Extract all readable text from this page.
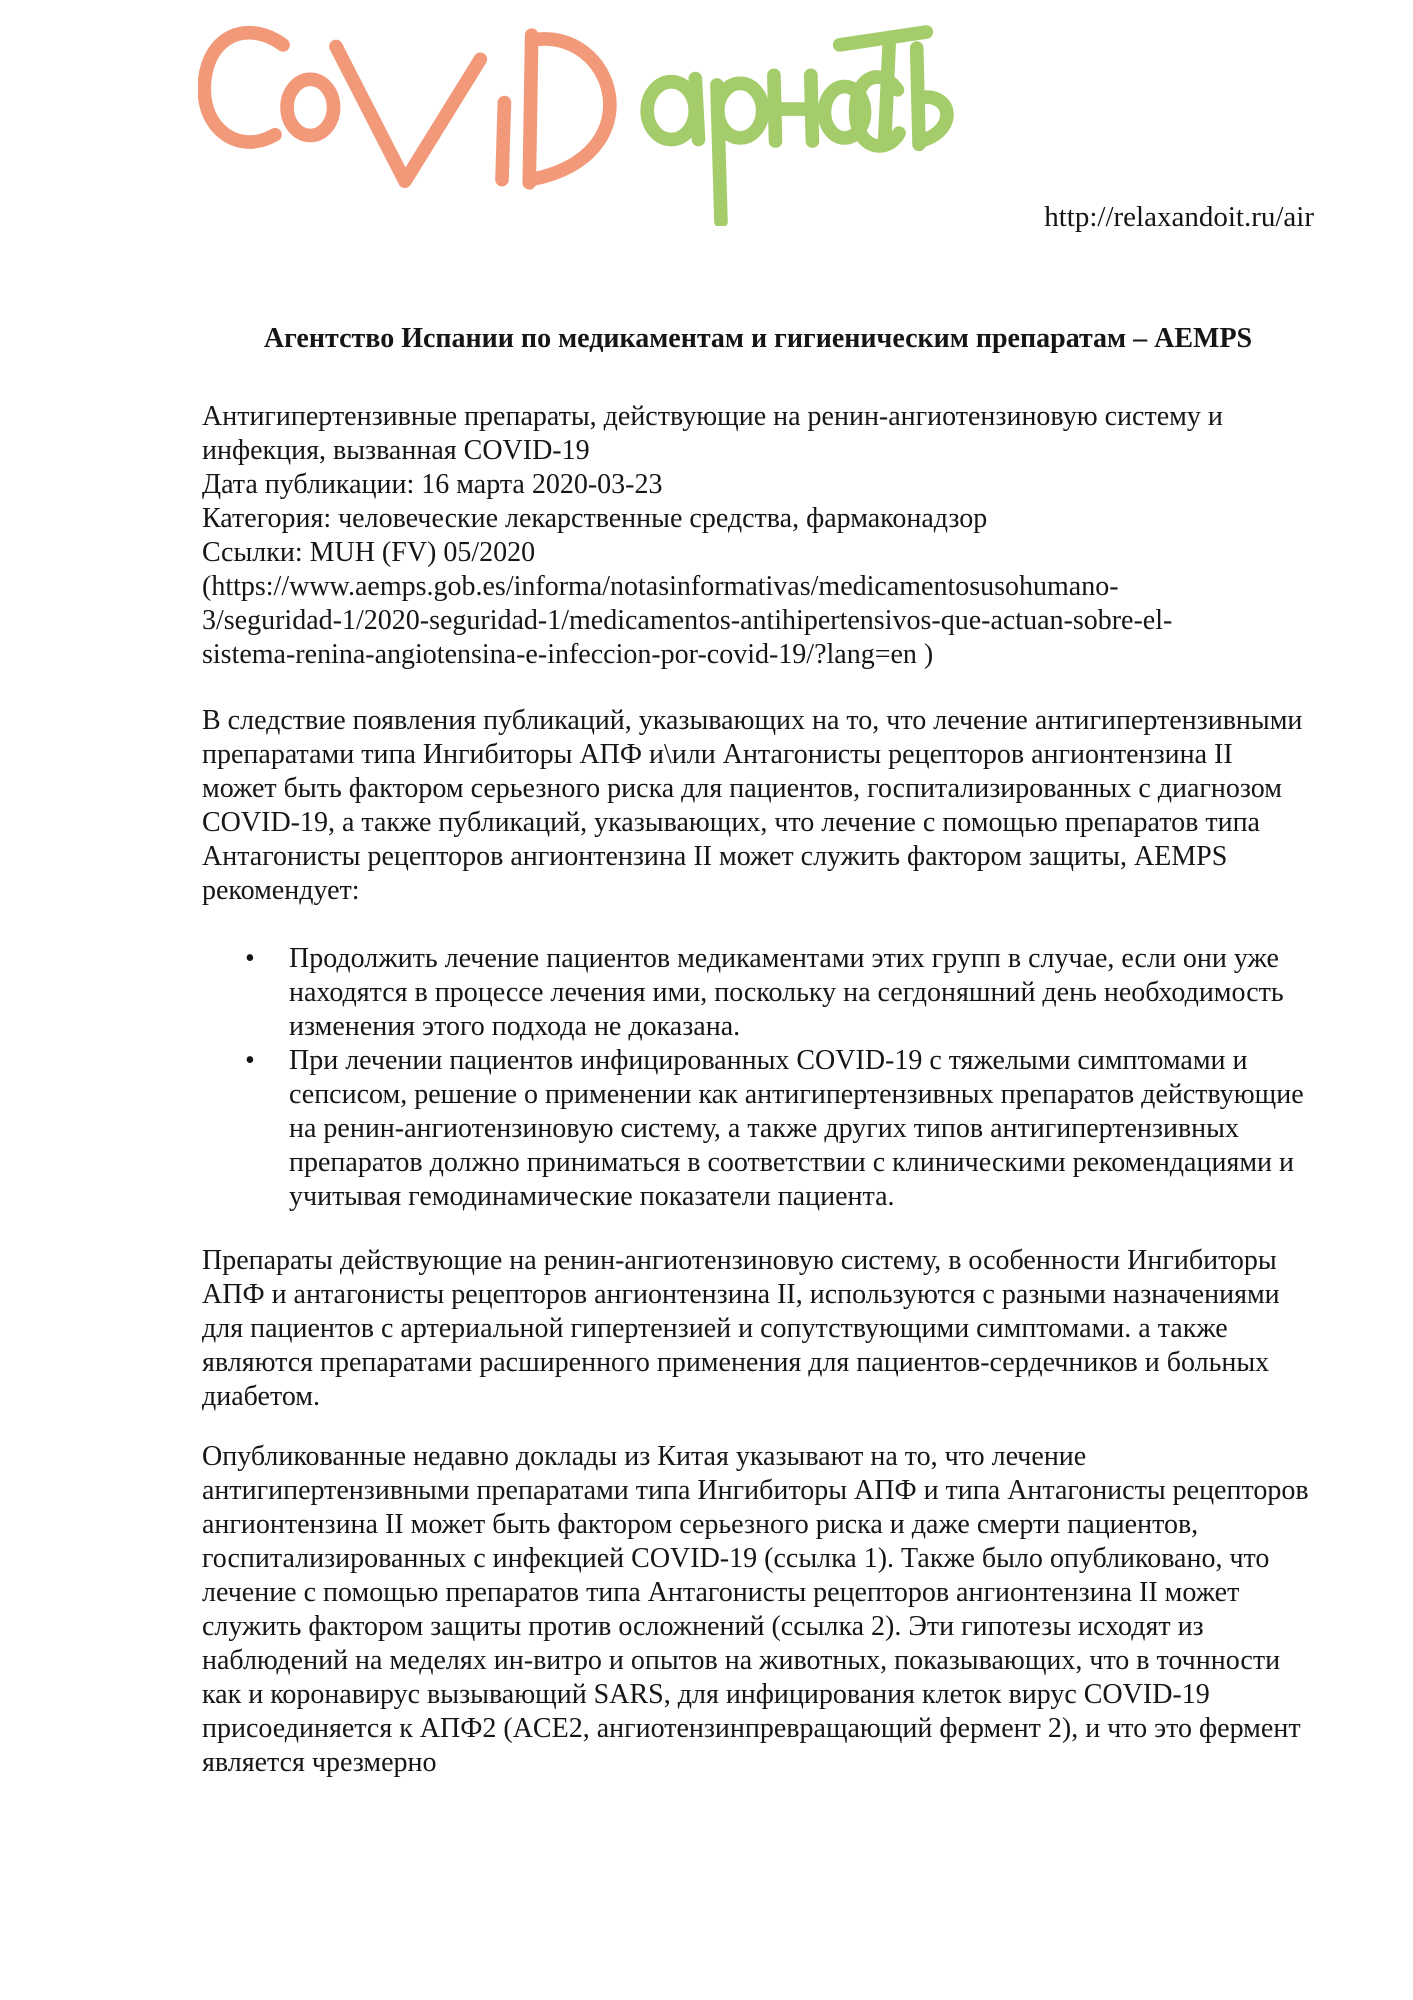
http://relaxandoit.ru/air
Агентство Испании по медикаментам и гигиеническим препаратам – AEMPS

Антигипертензивные препараты, действующие на ренин-ангиотензиновую систему и инфекция, вызванная COVID-19

Дата публикации: 16 марта 2020-03-23
Категория: человеческие лекарственные средства, фармаконадзор
Ссылки: MUH (FV) 05/2020
(https://www.aemps.gob.es/informa/notasinformativas/medicamentosusohumano-
3/seguridad-1/2020-seguridad-1/medicamentos-antihipertensivos-que-actuan-sobre-el-
sistema-renina-angiotensina-e-infeccion-por-covid-19/?lang=en )

В следствие появления публикаций, указывающих на то, что лечение антигипертензивными препаратами типа Ингибиторы АПФ и\или Антагонисты рецепторов ангионтензина II может быть фактором серьезного риска для пациентов, госпитализированных с диагнозом COVID-19, а также публикаций, указывающих, что лечение с помощью препаратов типа Антагонисты рецепторов ангионтензина II может служить фактором защиты, AEMPS рекомендует:

• Продолжить лечение пациентов медикаментами этих групп в случае, если они уже находятся в процессе лечения ими, поскольку на сегдоняшний день необходимость изменения этого подхода не доказана.
• При лечении пациентов инфицированных COVID-19 с тяжелыми симптомами и сепсисом, решение о применении как антигипертензивных препаратов действующие на ренин-ангиотензиновую систему, а также других типов антигипертензивных препаратов должно приниматься в соответствии с клиническими рекомендациями и учитывая гемодинамические показатели пациента.

Препараты действующие на ренин-ангиотензиновую систему, в особенности Ингибиторы АПФ и антагонисты рецепторов ангионтензина II, используются с разными назначениями для пациентов с артериальной гипертензией и сопутствующими симптомами. а также являются препаратами расширенного применения для пациентов-сердечников и больных диабетом.

Опубликованные недавно доклады из Китая указывают на то, что лечение антигипертензивными препаратами типа Ингибиторы АПФ и типа Антагонисты рецепторов ангионтензина II может быть фактором серьезного риска и даже смерти пациентов, госпитализированных с инфекцией COVID-19 (ссылка 1). Также было опубликовано, что лечение с помощью препаратов типа Антагонисты рецепторов ангионтензина II может служить фактором защиты против осложнений (ссылка 2). Эти гипотезы исходят из наблюдений на меделях ин-витро и опытов на животных, показывающих, что в точнности как и коронавирус вызывающий SARS, для инфицирования клеток вирус COVID-19 присоединяется к АПФ2 (ACE2, ангиотензинпревращающий фермент 2), и что это фермент является чрезмерно
